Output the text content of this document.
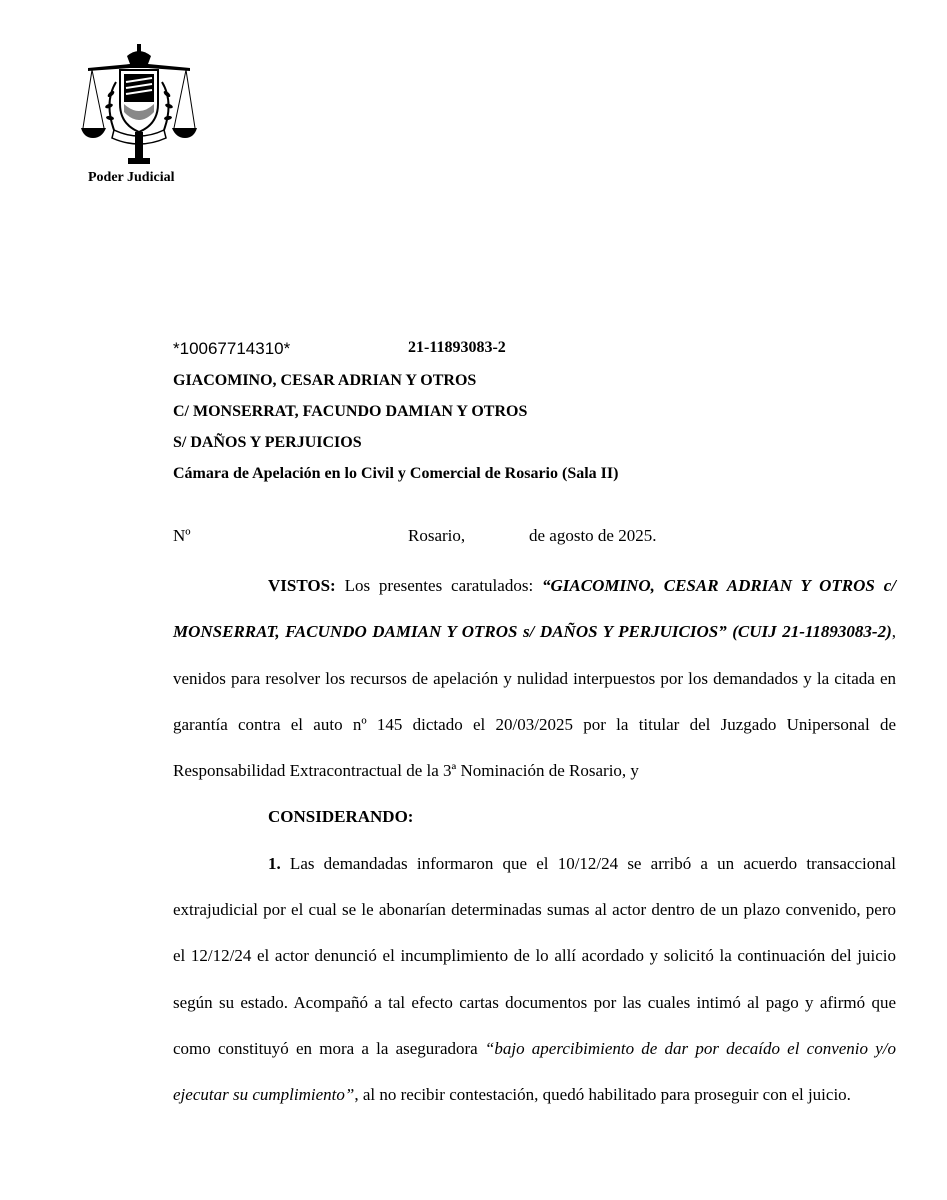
Poder Judicial
*10067714310*	21-11893083-2
GIACOMINO, CESAR ADRIAN Y OTROS
C/ MONSERRAT, FACUNDO DAMIAN Y OTROS
S/ DAÑOS Y PERJUICIOS
Cámara de Apelación en lo Civil y Comercial de Rosario (Sala II)
Nº	Rosario,	de agosto de 2025.

VISTOS: Los presentes caratulados: “GIACOMINO, CESAR ADRIAN Y OTROS c/ MONSERRAT, FACUNDO DAMIAN Y OTROS s/ DAÑOS Y PERJUICIOS” (CUIJ 21-11893083-2), venidos para resolver los recursos de apelación y nulidad interpuestos por los demandados y la citada en garantía contra el auto nº 145 dictado el 20/03/2025 por la titular del Juzgado Unipersonal de Responsabilidad Extracontractual de la 3ª Nominación de Rosario, y

CONSIDERANDO:

1. Las demandadas informaron que el 10/12/24 se arribó a un acuerdo transaccional extrajudicial por el cual se le abonarían determinadas sumas al actor dentro de un plazo convenido, pero el 12/12/24 el actor denunció el incumplimiento de lo allí acordado y solicitó la continuación del juicio según su estado. Acompañó a tal efecto cartas documentos por las cuales intimó al pago y afirmó que como constituyó en mora a la aseguradora “bajo apercibimiento de dar por decaído el convenio y/o ejecutar su cumplimiento”, al no recibir contestación, quedó habilitado para proseguir con el juicio.
